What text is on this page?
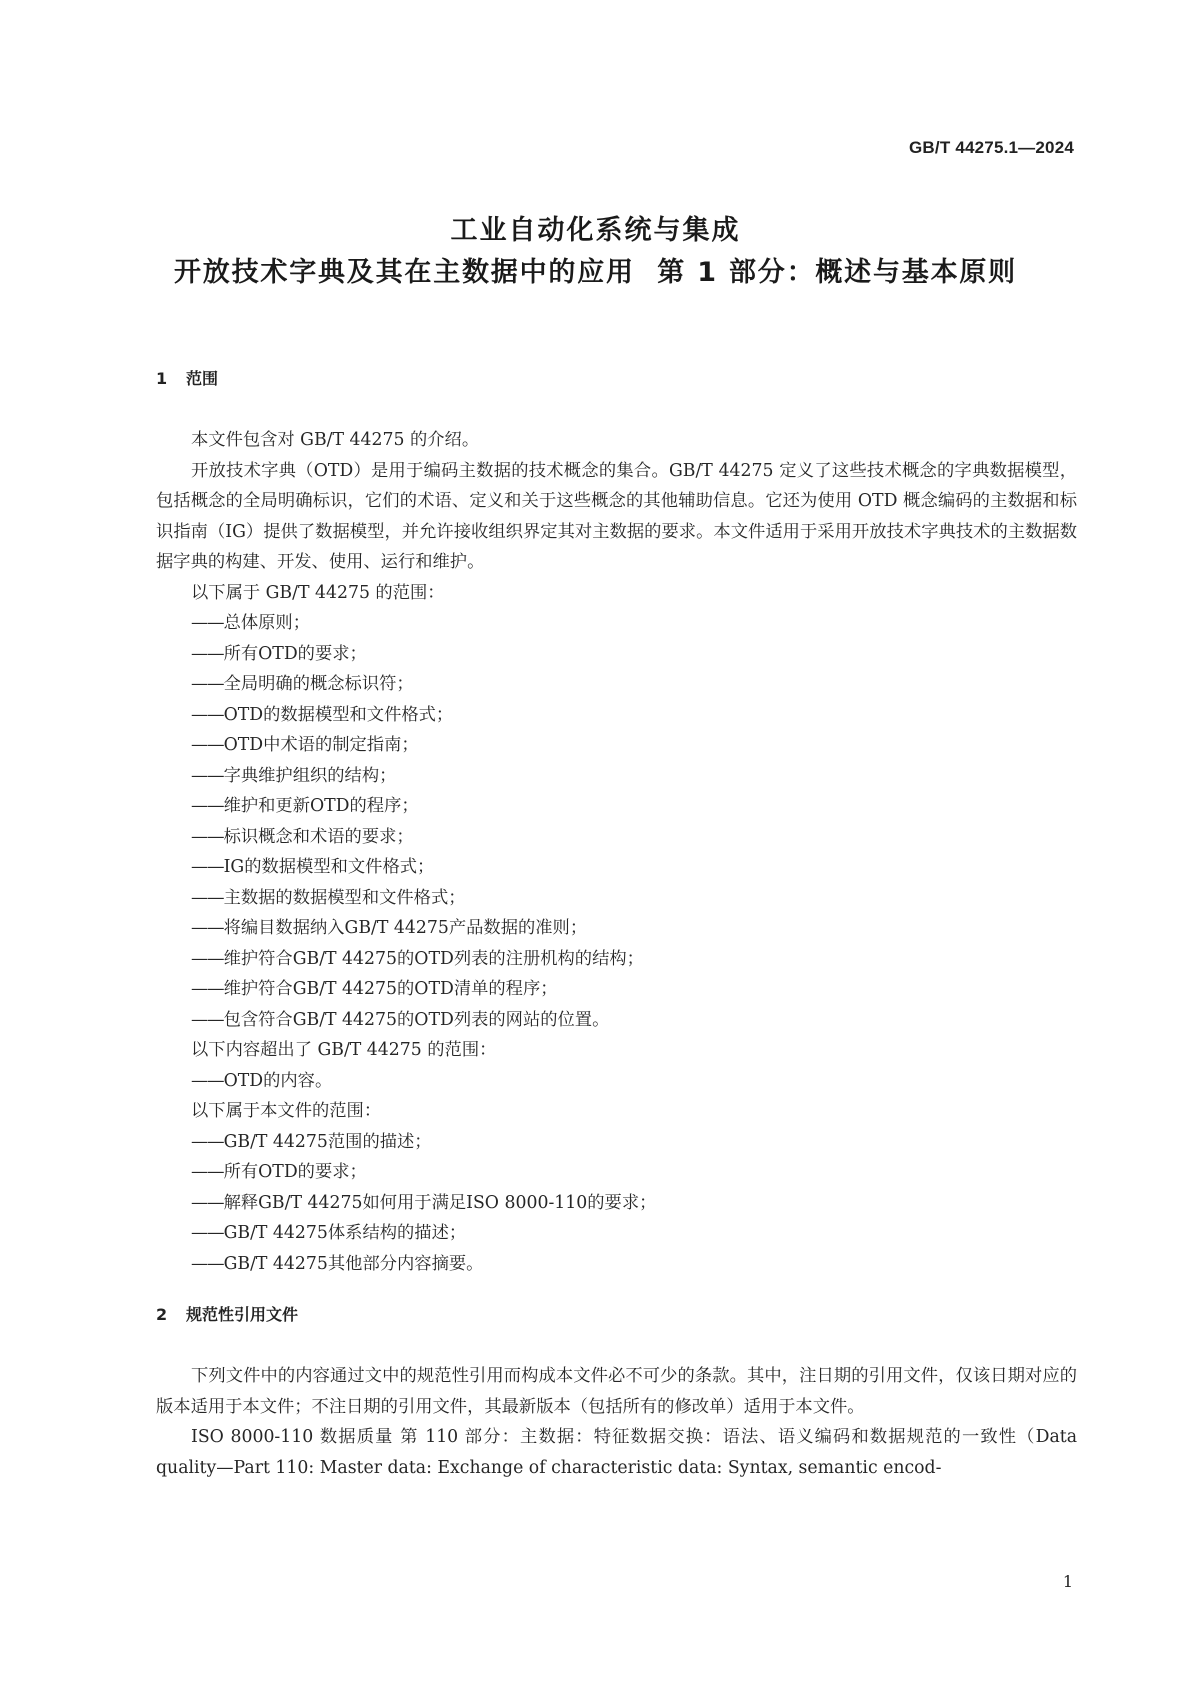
GB/T 44275.1—2024
工业自动化系统与集成
开放技术字典及其在主数据中的应用  第 1 部分：概述与基本原则
1 范围

本文件包含对 GB/T 44275 的介绍。

开放技术字典（OTD）是用于编码主数据的技术概念的集合。GB/T 44275 定义了这些技术概念的字典数据模型，包括概念的全局明确标识，它们的术语、定义和关于这些概念的其他辅助信息。它还为使用 OTD 概念编码的主数据和标识指南（IG）提供了数据模型，并允许接收组织界定其对主数据的要求。本文件适用于采用开放技术字典技术的主数据数据字典的构建、开发、使用、运行和维护。

以下属于 GB/T 44275 的范围：

—— 总体原则；

—— 所有OTD的要求；

—— 全局明确的概念标识符；

—— OTD的数据模型和文件格式；

—— OTD中术语的制定指南；

—— 字典维护组织的结构；

—— 维护和更新OTD的程序；

—— 标识概念和术语的要求；

—— IG的数据模型和文件格式；

—— 主数据的数据模型和文件格式；

—— 将编目数据纳入GB/T 44275产品数据的准则；

—— 维护符合GB/T 44275的OTD列表的注册机构的结构；

—— 维护符合GB/T 44275的OTD清单的程序；

—— 包含符合GB/T 44275的OTD列表的网站的位置。

以下内容超出了 GB/T 44275 的范围：

—— OTD的内容。

以下属于本文件的范围：

—— GB/T 44275范围的描述；

—— 所有OTD的要求；

—— 解释GB/T 44275如何用于满足ISO 8000-110的要求；

—— GB/T 44275体系结构的描述；

—— GB/T 44275其他部分内容摘要。

2 规范性引用文件

下列文件中的内容通过文中的规范性引用而构成本文件必不可少的条款。其中，注日期的引用文件，仅该日期对应的版本适用于本文件；不注日期的引用文件，其最新版本（包括所有的修改单）适用于本文件。

ISO 8000-110 数据质量 第 110 部分：主数据：特征数据交换：语法、语义编码和数据规范的一致性（Data quality—Part 110: Master data: Exchange of characteristic data: Syntax, semantic encod-

1
